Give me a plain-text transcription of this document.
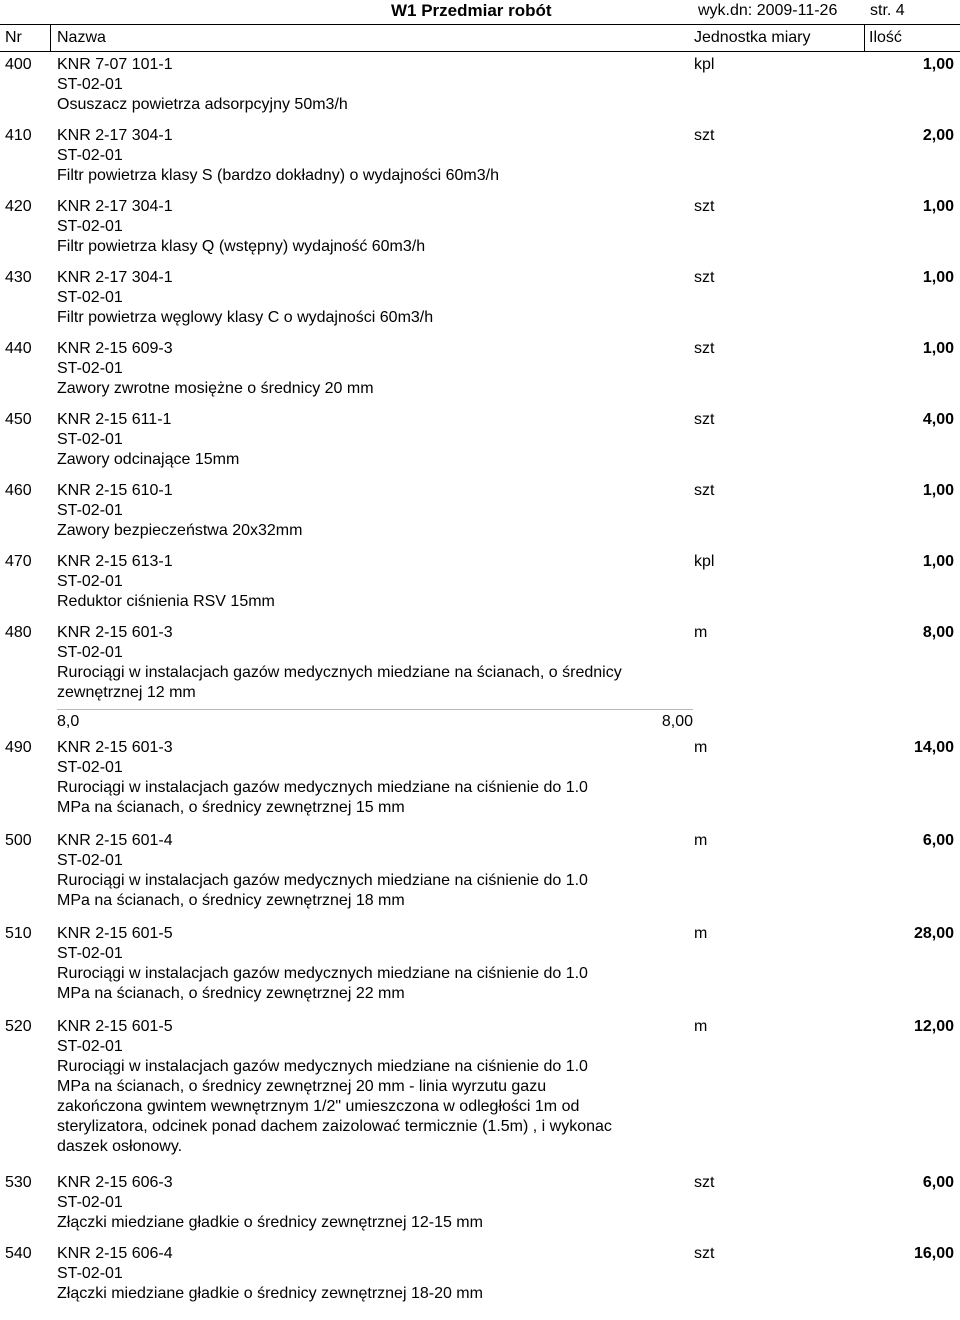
W1 Przedmiar robót	wyk.dn: 2009-11-26 str. 4
Nr Nazwa	Jednostka miary	Ilość
400 KNR 7-07 101-1
ST-02-01
Osuszacz powietrza adsorpcyjny 50m3/h
kpl	1,00
410 KNR 2-17 304-1
ST-02-01
Filtr powietrza klasy S (bardzo dokładny) o wydajności 60m3/h
szt	2,00
420 KNR 2-17 304-1
ST-02-01
Filtr powietrza klasy Q (wstępny) wydajność 60m3/h
szt	1,00
430 KNR 2-17 304-1
ST-02-01
Filtr powietrza węglowy klasy C o wydajności 60m3/h
szt	1,00
440 KNR 2-15 609-3
ST-02-01
Zawory zwrotne mosiężne o średnicy 20 mm
szt	1,00
450 KNR 2-15 611-1
ST-02-01
Zawory odcinające 15mm
szt	4,00
460 KNR 2-15 610-1
ST-02-01
Zawory bezpieczeństwa 20x32mm
szt	1,00
470 KNR 2-15 613-1
ST-02-01
Reduktor ciśnienia RSV 15mm
kpl	1,00
480 KNR 2-15 601-3
ST-02-01
Rurociągi w instalacjach gazów medycznych miedziane na ścianach, o średnicy
zewnętrznej 12 mm
m	8,00
8,0	8,00
490 KNR 2-15 601-3
ST-02-01
Rurociągi w instalacjach gazów medycznych miedziane na ciśnienie do 1.0
MPa na ścianach, o średnicy zewnętrznej 15 mm
m	14,00
500 KNR 2-15 601-4
ST-02-01
Rurociągi w instalacjach gazów medycznych miedziane na ciśnienie do 1.0
MPa na ścianach, o średnicy zewnętrznej 18 mm
m	6,00
510 KNR 2-15 601-5
ST-02-01
Rurociągi w instalacjach gazów medycznych miedziane na ciśnienie do 1.0
MPa na ścianach, o średnicy zewnętrznej 22 mm
m	28,00
520 KNR 2-15 601-5
ST-02-01
Rurociągi w instalacjach gazów medycznych miedziane na ciśnienie do 1.0
MPa na ścianach, o średnicy zewnętrznej 20 mm - linia wyrzutu gazu
zakończona gwintem wewnętrznym 1/2" umieszczona w odległości 1m od
sterylizatora, odcinek ponad dachem zaizolować termicznie (1.5m) , i wykonac
daszek osłonowy.
m	12,00
530 KNR 2-15 606-3
ST-02-01
Złączki miedziane gładkie o średnicy zewnętrznej 12-15 mm
szt	6,00
540 KNR 2-15 606-4
ST-02-01
Złączki miedziane gładkie o średnicy zewnętrznej 18-20 mm
szt	16,00
